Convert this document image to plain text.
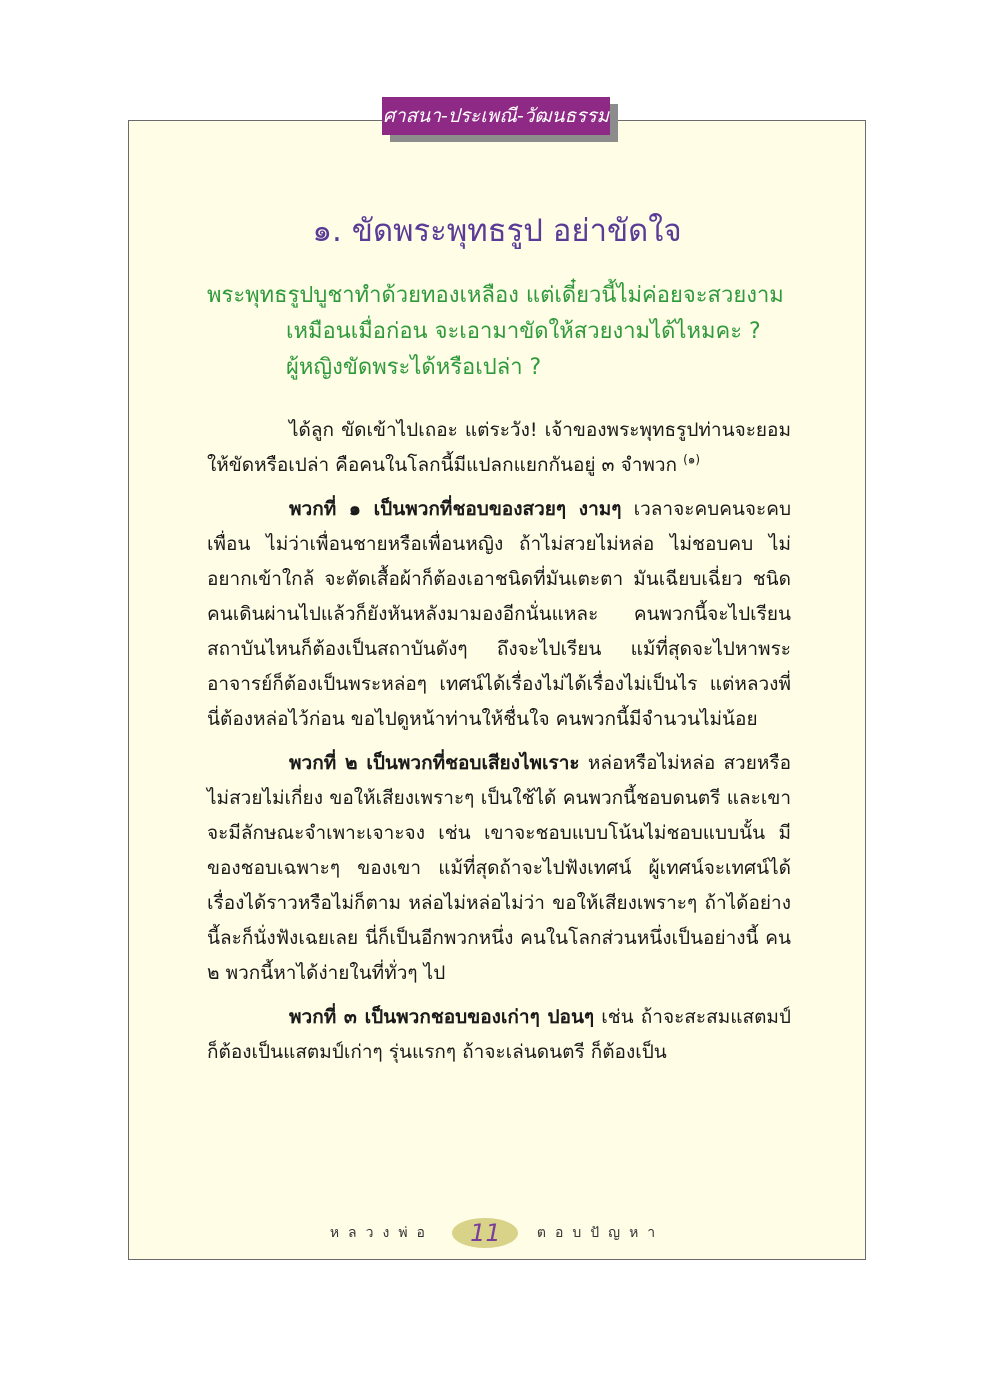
ศาสนา-ประเพณี-วัฒนธรรม
๑. ขัดพระพุทธรูป อย่าขัดใจ
พระพุทธรูปบูชาทำด้วยทองเหลือง แต่เดี๋ยวนี้ไม่ค่อยจะสวยงาม
เหมือนเมื่อก่อน จะเอามาขัดให้สวยงามได้ไหมคะ ?
ผู้หญิงขัดพระได้หรือเปล่า ?

ได้ลูก ขัดเข้าไปเถอะ แต่ระวัง! เจ้าของพระพุทธรูปท่านจะยอมให้ขัดหรือเปล่า คือคนในโลกนี้มีแปลกแยกกันอยู่ ๓ จำพวก $^{(๑)}$

พวกที่ ๑ เป็นพวกที่ชอบของสวยๆ งามๆ เวลาจะคบคนจะคบเพื่อน ไม่ว่าเพื่อนชายหรือเพื่อนหญิง ถ้าไม่สวยไม่หล่อ ไม่ชอบคบ ไม่อยากเข้าใกล้ จะตัดเสื้อผ้าก็ต้องเอาชนิดที่มันเตะตา มันเฉียบเฉี่ยว ชนิดคนเดินผ่านไปแล้วก็ยังหันหลังมามองอีกนั่นแหละ คนพวกนี้จะไปเรียนสถาบันไหนก็ต้องเป็นสถาบันดังๆ ถึงจะไปเรียน แม้ที่สุดจะไปหาพระอาจารย์ก็ต้องเป็นพระหล่อๆ เทศน์ได้เรื่องไม่ได้เรื่องไม่เป็นไร แต่หลวงพี่นี่ต้องหล่อไว้ก่อน ขอไปดูหน้าท่านให้ชื่นใจ คนพวกนี้มีจำนวนไม่น้อย

พวกที่ ๒ เป็นพวกที่ชอบเสียงไพเราะ หล่อหรือไม่หล่อ สวยหรือไม่สวยไม่เกี่ยง ขอให้เสียงเพราะๆ เป็นใช้ได้ คนพวกนี้ชอบดนตรี และเขาจะมีลักษณะจำเพาะเจาะจง เช่น เขาจะชอบแบบโน้นไม่ชอบแบบนั้น มีของชอบเฉพาะๆ ของเขา แม้ที่สุดถ้าจะไปฟังเทศน์ ผู้เทศน์จะเทศน์ได้เรื่องได้ราวหรือไม่ก็ตาม หล่อไม่หล่อไม่ว่า ขอให้เสียงเพราะๆ ถ้าได้อย่างนี้ละก็นั่งฟังเฉยเลย นี่ก็เป็นอีกพวกหนึ่ง คนในโลกส่วนหนึ่งเป็นอย่างนี้ คน ๒ พวกนี้หาได้ง่ายในที่ทั่วๆ ไป

พวกที่ ๓ เป็นพวกชอบของเก่าๆ ปอนๆ เช่น ถ้าจะสะสมแสตมป์ ก็ต้องเป็นแสตมป์เก่าๆ รุ่นแรกๆ ถ้าจะเล่นดนตรี ก็ต้องเป็น

หลวงพ่อ 11	ตอบปัญหา
